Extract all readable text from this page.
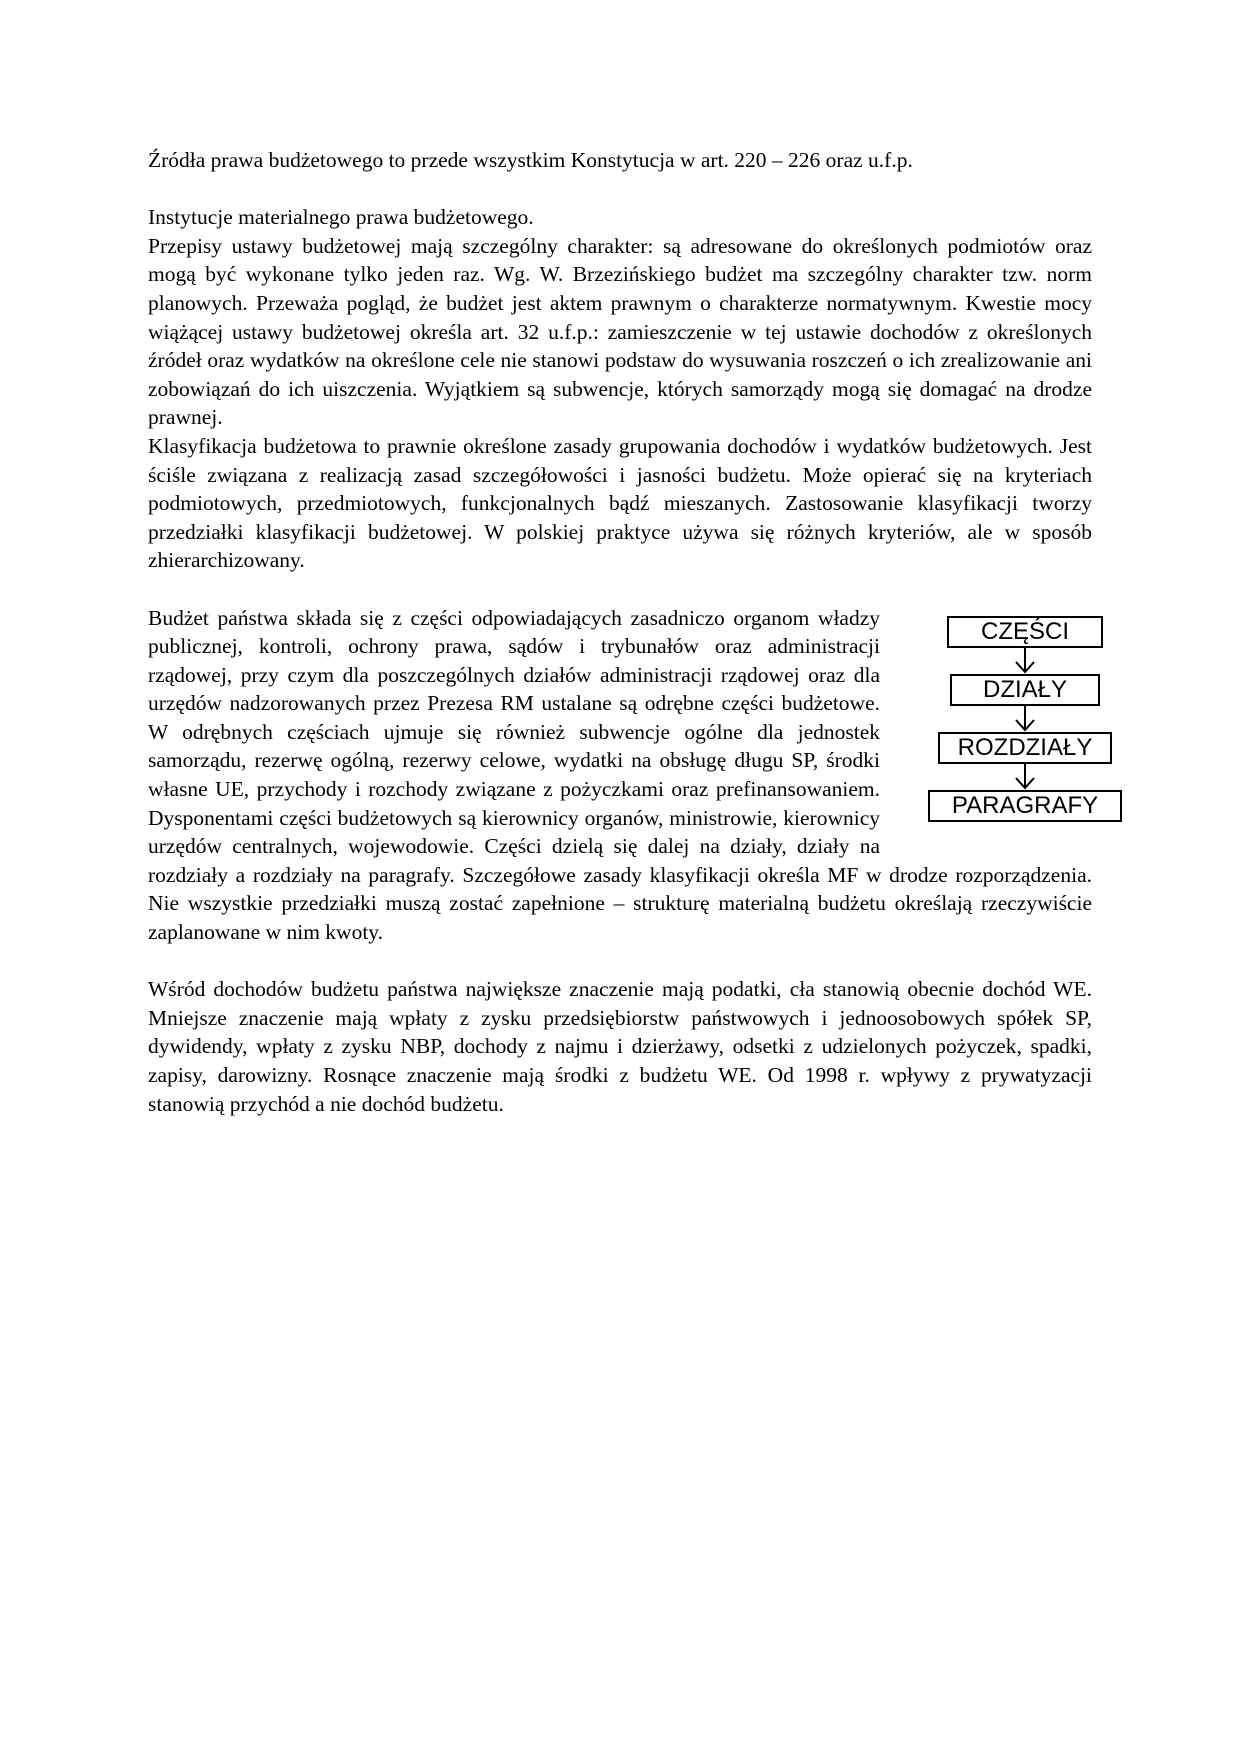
Źródła prawa budżetowego to przede wszystkim Konstytucja w art. 220 – 226 oraz u.f.p.

Instytucje materialnego prawa budżetowego.

Przepisy ustawy budżetowej mają szczególny charakter: są adresowane do określonych podmiotów oraz mogą być wykonane tylko jeden raz. Wg. W. Brzezińskiego budżet ma szczególny charakter tzw. norm planowych. Przeważa pogląd, że budżet jest aktem prawnym o charakterze normatywnym. Kwestie mocy wiążącej ustawy budżetowej określa art. 32 u.f.p.: zamieszczenie w tej ustawie dochodów z określonych źródeł oraz wydatków na określone cele nie stanowi podstaw do wysuwania roszczeń o ich zrealizowanie ani zobowiązań do ich uiszczenia. Wyjątkiem są subwencje, których samorządy mogą się domagać na drodze prawnej.

Klasyfikacja budżetowa to prawnie określone zasady grupowania dochodów i wydatków budżetowych. Jest ściśle związana z realizacją zasad szczegółowości i jasności budżetu. Może opierać się na kryteriach podmiotowych, przedmiotowych, funkcjonalnych bądź mieszanych. Zastosowanie klasyfikacji tworzy przedziałki klasyfikacji budżetowej. W polskiej praktyce używa się różnych kryteriów, ale w sposób zhierarchizowany.

CZĘŚCI
DZIAŁY
ROZDZIAŁY
PARAGRAFY

Budżet państwa składa się z części odpowiadających zasadniczo organom władzy publicznej, kontroli, ochrony prawa, sądów i trybunałów oraz administracji rządowej, przy czym dla poszczególnych działów administracji rządowej oraz dla urzędów nadzorowanych przez Prezesa RM ustalane są odrębne części budżetowe. W odrębnych częściach ujmuje się również subwencje ogólne dla jednostek samorządu, rezerwę ogólną, rezerwy celowe, wydatki na obsługę długu SP, środki własne UE, przychody i rozchody związane z pożyczkami oraz prefinansowaniem. Dysponentami części budżetowych są kierownicy organów, ministrowie, kierownicy urzędów centralnych, wojewodowie. Części dzielą się dalej na działy, działy na rozdziały a rozdziały na paragrafy. Szczegółowe zasady klasyfikacji określa MF w drodze rozporządzenia. Nie wszystkie przedziałki muszą zostać zapełnione – strukturę materialną budżetu określają rzeczywiście zaplanowane w nim kwoty.

Wśród dochodów budżetu państwa największe znaczenie mają podatki, cła stanowią obecnie dochód WE. Mniejsze znaczenie mają wpłaty z zysku przedsiębiorstw państwowych i jednoosobowych spółek SP, dywidendy, wpłaty z zysku NBP, dochody z najmu i dzierżawy, odsetki z udzielonych pożyczek, spadki, zapisy, darowizny. Rosnące znaczenie mają środki z budżetu WE. Od 1998 r. wpływy z prywatyzacji stanowią przychód a nie dochód budżetu.
